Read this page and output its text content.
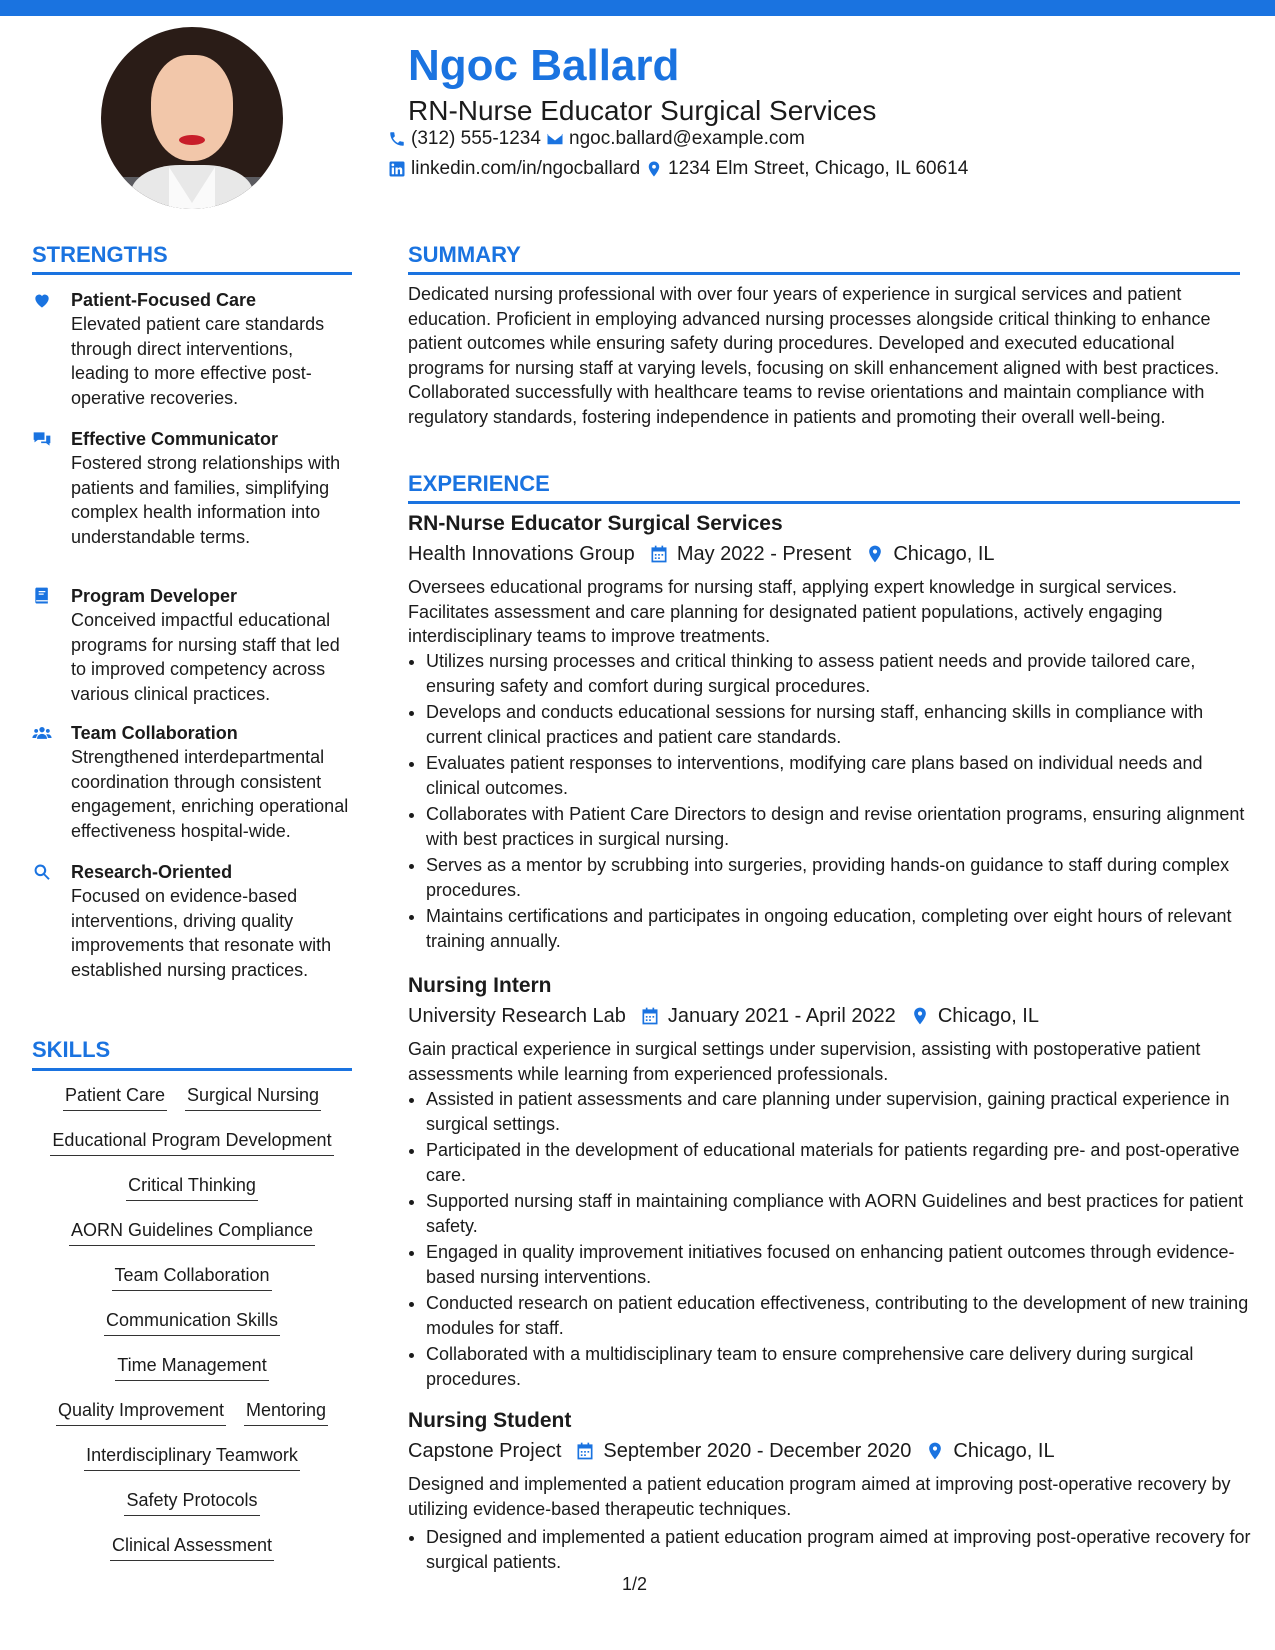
Ngoc Ballard
RN-Nurse Educator Surgical Services
(312) 555-1234 ngoc.ballard@example.com
linkedin.com/in/ngocballard 1234 Elm Street, Chicago, IL 60614
STRENGTHS
Patient-Focused Care
Elevated patient care standards through direct interventions, leading to more effective post-operative recoveries.
Effective Communicator
Fostered strong relationships with patients and families, simplifying complex health information into understandable terms.
Program Developer
Conceived impactful educational programs for nursing staff that led to improved competency across various clinical practices.
Team Collaboration
Strengthened interdepartmental coordination through consistent engagement, enriching operational effectiveness hospital-wide.
Research-Oriented
Focused on evidence-based interventions, driving quality improvements that resonate with established nursing practices.
SKILLS
Patient Care Surgical Nursing
Educational Program Development
Critical Thinking
AORN Guidelines Compliance
Team Collaboration
Communication Skills
Time Management
Quality Improvement Mentoring
Interdisciplinary Teamwork
Safety Protocols
Clinical Assessment
SUMMARY
Dedicated nursing professional with over four years of experience in surgical services and patient education. Proficient in employing advanced nursing processes alongside critical thinking to enhance patient outcomes while ensuring safety during procedures. Developed and executed educational programs for nursing staff at varying levels, focusing on skill enhancement aligned with best practices. Collaborated successfully with healthcare teams to revise orientations and maintain compliance with regulatory standards, fostering independence in patients and promoting their overall well-being.
EXPERIENCE
RN-Nurse Educator Surgical Services
Health Innovations Group May 2022 - Present Chicago, IL
Oversees educational programs for nursing staff, applying expert knowledge in surgical services. Facilitates assessment and care planning for designated patient populations, actively engaging interdisciplinary teams to improve treatments.
• Utilizes nursing processes and critical thinking to assess patient needs and provide tailored care, ensuring safety and comfort during surgical procedures.
• Develops and conducts educational sessions for nursing staff, enhancing skills in compliance with current clinical practices and patient care standards.
• Evaluates patient responses to interventions, modifying care plans based on individual needs and clinical outcomes.
• Collaborates with Patient Care Directors to design and revise orientation programs, ensuring alignment with best practices in surgical nursing.
• Serves as a mentor by scrubbing into surgeries, providing hands-on guidance to staff during complex procedures.
• Maintains certifications and participates in ongoing education, completing over eight hours of relevant training annually.
Nursing Intern
University Research Lab January 2021 - April 2022 Chicago, IL
Gain practical experience in surgical settings under supervision, assisting with postoperative patient assessments while learning from experienced professionals.
• Assisted in patient assessments and care planning under supervision, gaining practical experience in surgical settings.
• Participated in the development of educational materials for patients regarding pre- and post-operative care.
• Supported nursing staff in maintaining compliance with AORN Guidelines and best practices for patient safety.
• Engaged in quality improvement initiatives focused on enhancing patient outcomes through evidence-based nursing interventions.
• Conducted research on patient education effectiveness, contributing to the development of new training modules for staff.
• Collaborated with a multidisciplinary team to ensure comprehensive care delivery during surgical procedures.
Nursing Student
Capstone Project September 2020 - December 2020 Chicago, IL
Designed and implemented a patient education program aimed at improving post-operative recovery by utilizing evidence-based therapeutic techniques.
• Designed and implemented a patient education program aimed at improving post-operative recovery for surgical patients.
1/2
